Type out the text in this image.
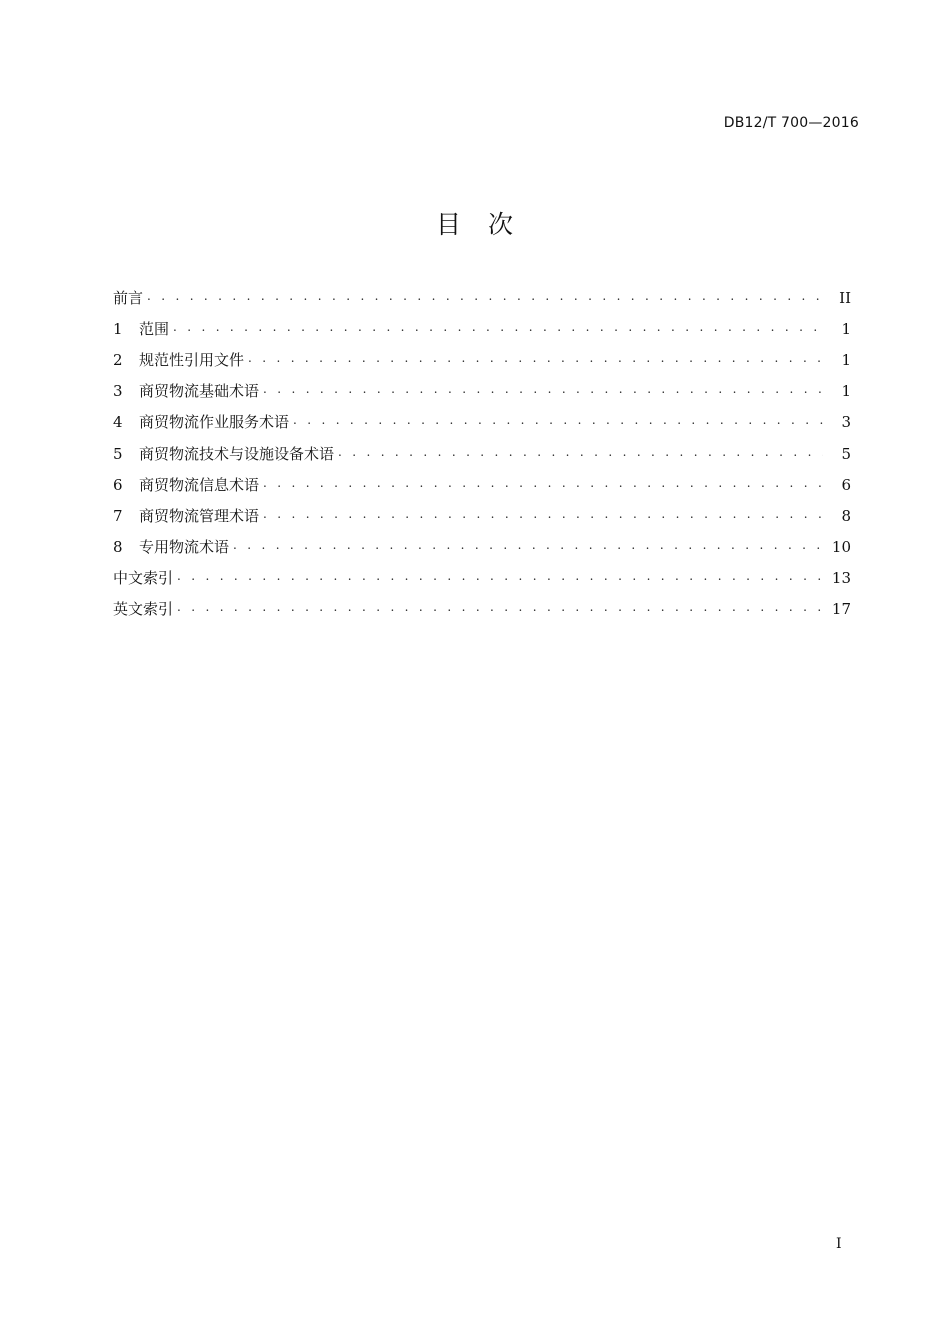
DB12/T 700—2016
目　次
前言 . . .	II
1	范围 . . .	1
2	规范性引用文件 . . .	1
3	商贸物流基础术语 . . .	1
4	商贸物流作业服务术语 . . .	3
5	商贸物流技术与设施设备术语 . . .	5
6	商贸物流信息术语 . . .	6
7	商贸物流管理术语 . . .	8
8	专用物流术语 . . .	10
中文索引 . . .	13
英文索引 . . .	17
I
